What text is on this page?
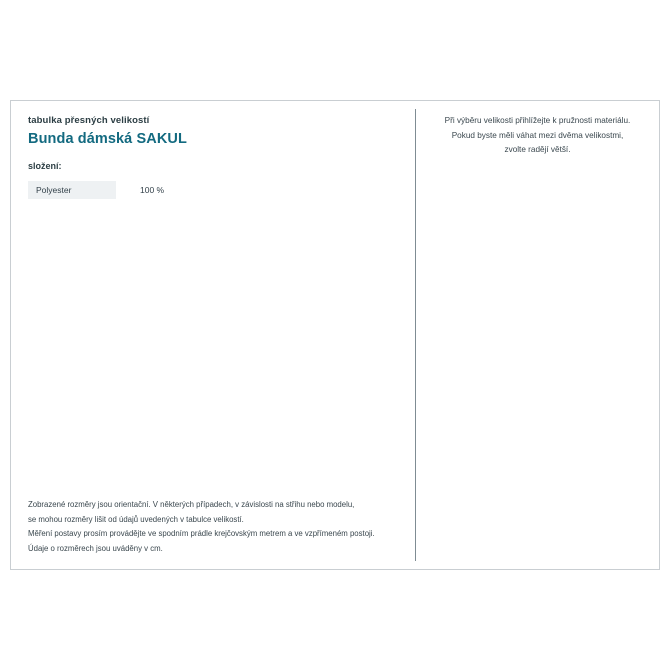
tabulka přesných velikostí
Bunda dámská SAKUL
složení:
Polyester	100 %
Zobrazené rozměry jsou orientační. V některých případech, v závislosti na střihu nebo modelu,
se mohou rozměry lišit od údajů uvedených v tabulce velikostí.
Měření postavy prosím provádějte ve spodním prádle krejčovským metrem a ve vzpřímeném postoji.
Údaje o rozměrech jsou uváděny v cm.
Při výběru velikosti přihlížejte k pružnosti materiálu.
Pokud byste měli váhat mezi dvěma velikostmi,
zvolte radějí větší.
